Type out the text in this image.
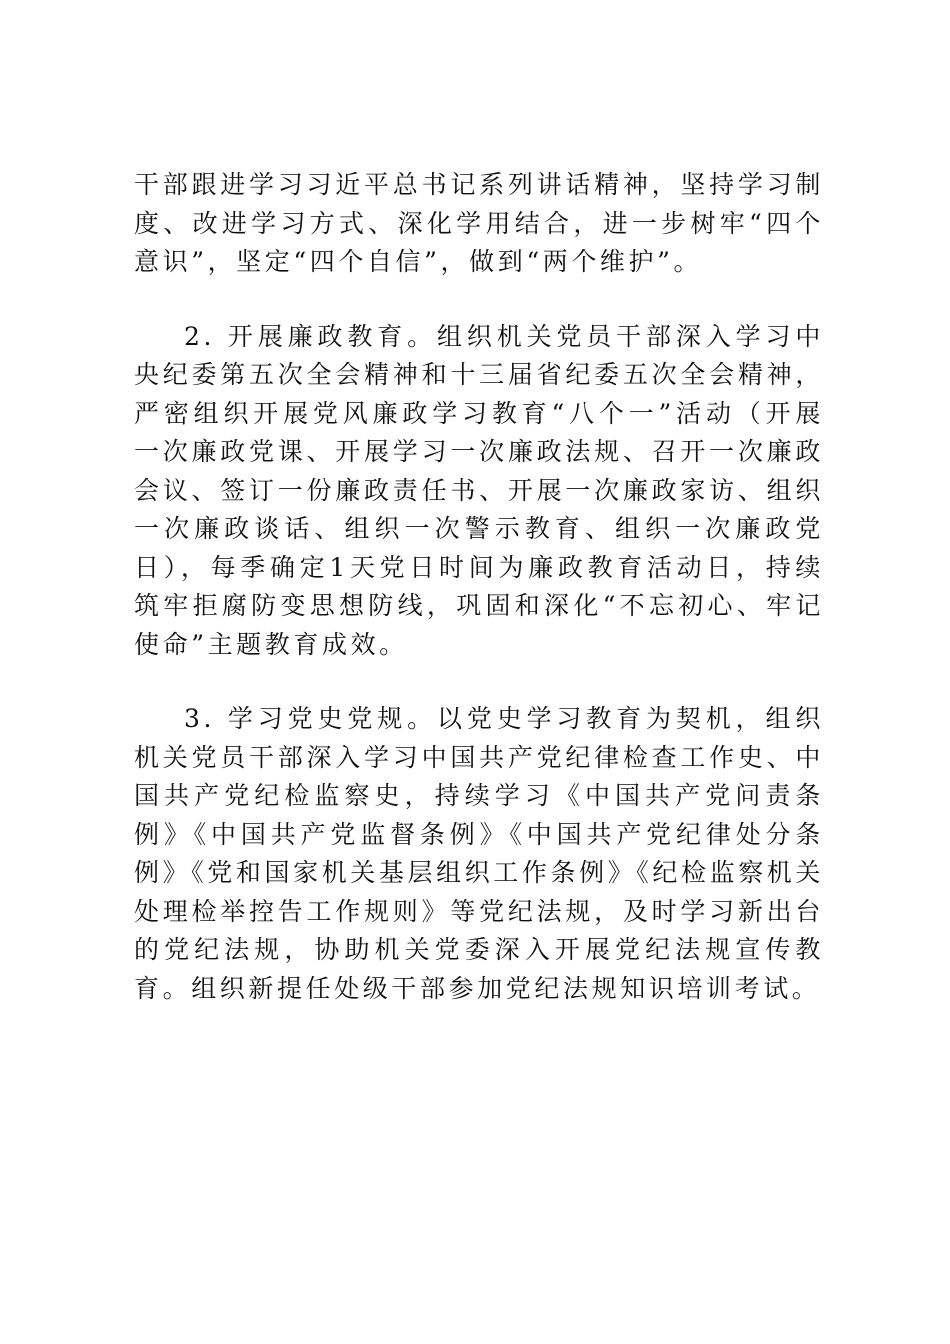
干部跟进学习习近平总书记系列讲话精神，坚持学习制度、改进学习方式、深化学用结合，进一步树牢“四个意识”，坚定“四个自信”，做到“两个维护”。

2. 开展廉政教育。组织机关党员干部深入学习中央纪委第五次全会精神和十三届省纪委五次全会精神，严密组织开展党风廉政学习教育“八个一”活动（开展一次廉政党课、开展学习一次廉政法规、召开一次廉政会议、签订一份廉政责任书、开展一次廉政家访、组织一次廉政谈话、组织一次警示教育、组织一次廉政党日），每季确定1天党日时间为廉政教育活动日，持续筑牢拒腐防变思想防线，巩固和深化“不忘初心、牢记使命”主题教育成效。

3. 学习党史党规。以党史学习教育为契机，组织机关党员干部深入学习中国共产党纪律检查工作史、中国共产党纪检监察史，持续学习《中国共产党问责条例》《中国共产党监督条例》《中国共产党纪律处分条例》《党和国家机关基层组织工作条例》《纪检监察机关处理检举控告工作规则》等党纪法规，及时学习新出台的党纪法规，协助机关党委深入开展党纪法规宣传教育。组织新提任处级干部参加党纪法规知识培训考试。
